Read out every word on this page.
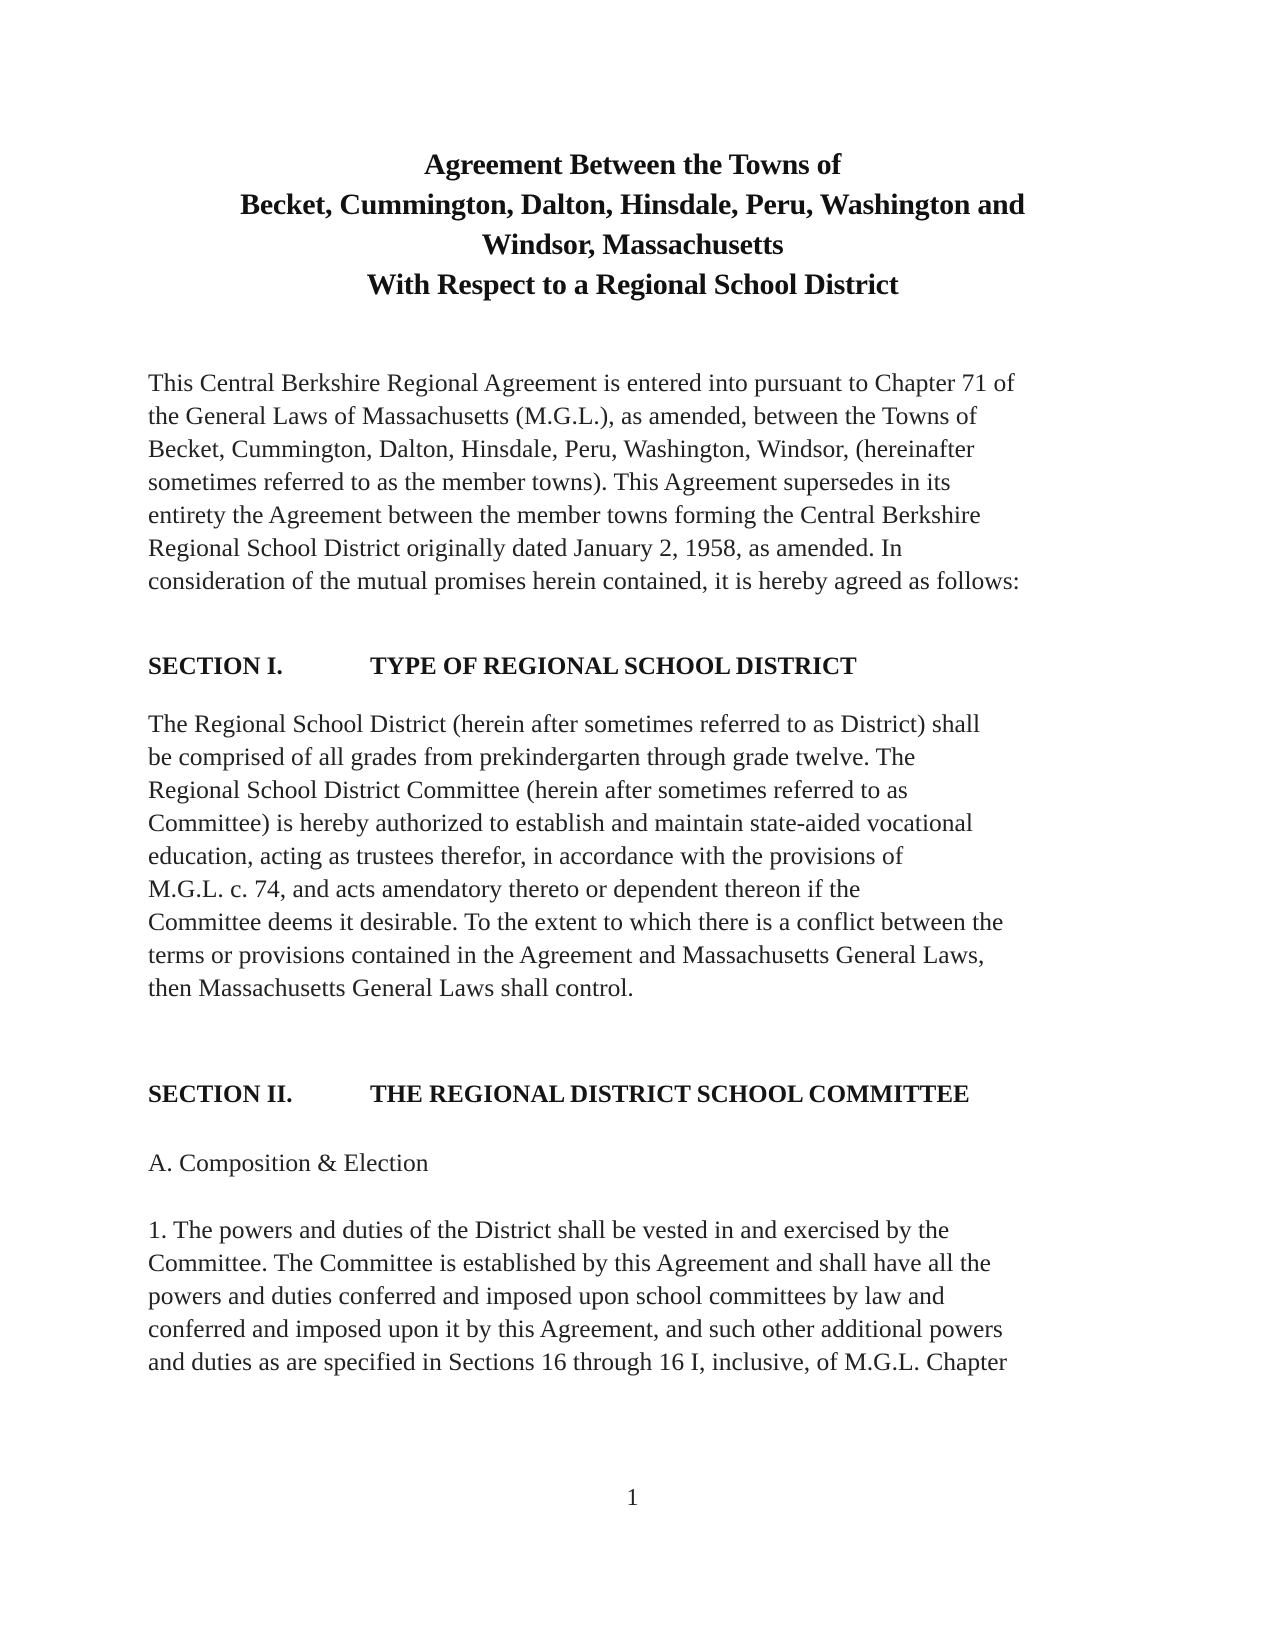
Agreement Between the Towns of
Becket, Cummington, Dalton, Hinsdale, Peru, Washington and
Windsor, Massachusetts
With Respect to a Regional School District
This Central Berkshire Regional Agreement is entered into pursuant to Chapter 71 of
the General Laws of Massachusetts (M.G.L.), as amended, between the Towns of
Becket, Cummington, Dalton, Hinsdale, Peru, Washington, Windsor, (hereinafter
sometimes referred to as the member towns). This Agreement supersedes in its
entirety the Agreement between the member towns forming the Central Berkshire
Regional School District originally dated January 2, 1958, as amended. In
consideration of the mutual promises herein contained, it is hereby agreed as follows:
SECTION I.	TYPE OF REGIONAL SCHOOL DISTRICT
The Regional School District (herein after sometimes referred to as District) shall
be comprised of all grades from prekindergarten through grade twelve. The
Regional School District Committee (herein after sometimes referred to as
Committee) is hereby authorized to establish and maintain state-aided vocational
education, acting as trustees therefor, in accordance with the provisions of
M.G.L. c. 74, and acts amendatory thereto or dependent thereon if the
Committee deems it desirable. To the extent to which there is a conflict between the
terms or provisions contained in the Agreement and Massachusetts General Laws,
then Massachusetts General Laws shall control.
SECTION II.	THE REGIONAL DISTRICT SCHOOL COMMITTEE
A. Composition & Election
1. The powers and duties of the District shall be vested in and exercised by the
Committee. The Committee is established by this Agreement and shall have all the
powers and duties conferred and imposed upon school committees by law and
conferred and imposed upon it by this Agreement, and such other additional powers
and duties as are specified in Sections 16 through 16 I, inclusive, of M.G.L. Chapter
1
